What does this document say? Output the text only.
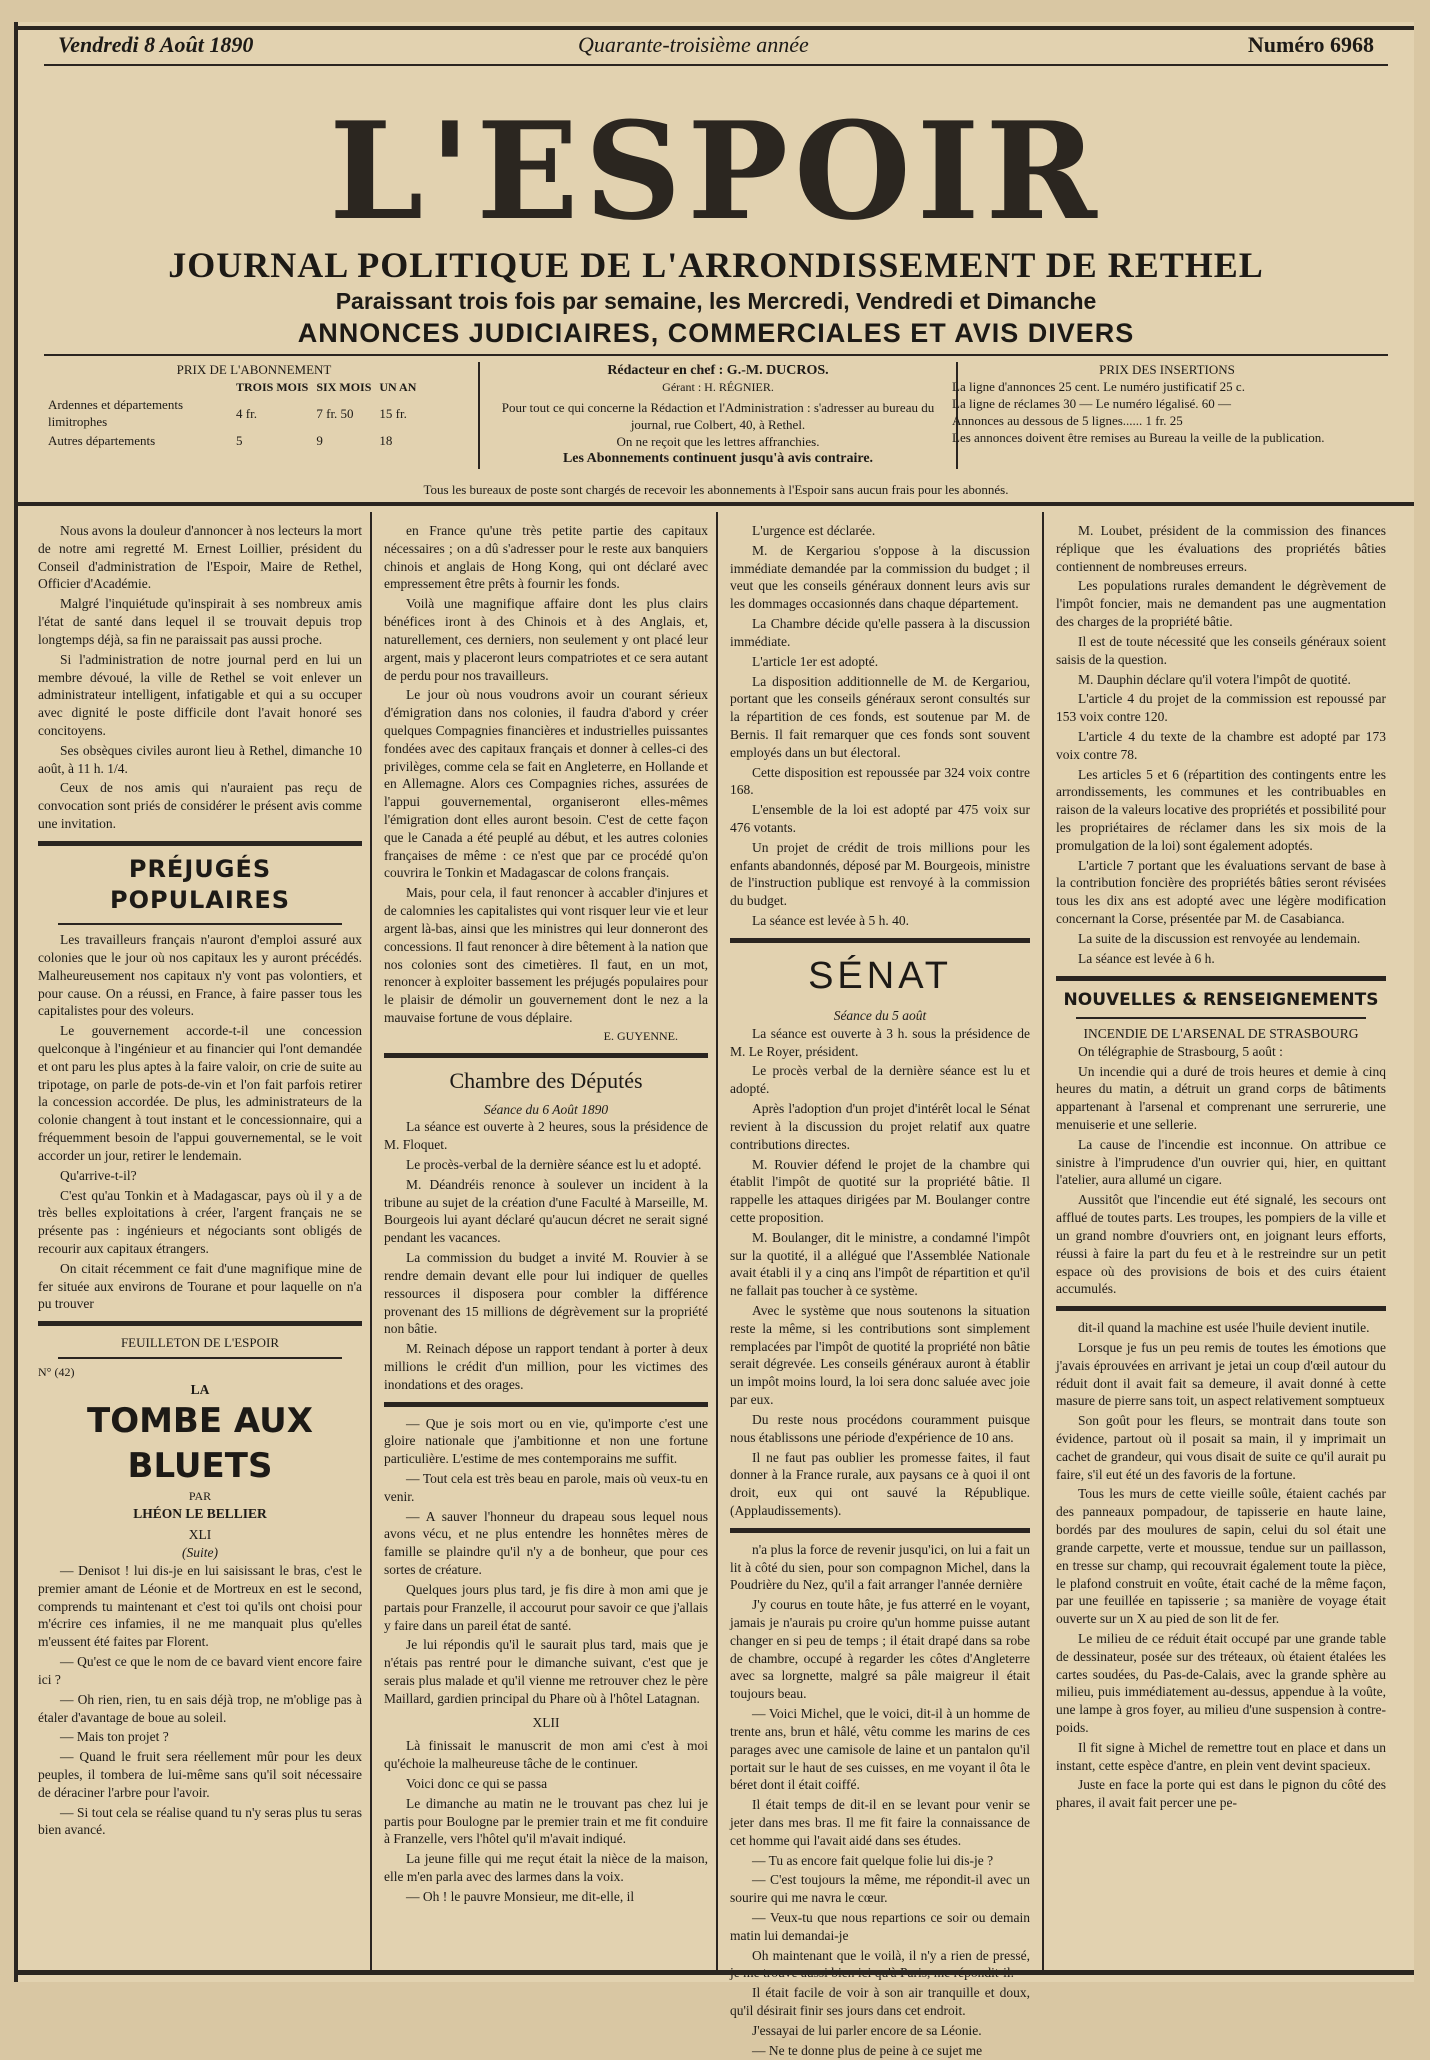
Vendredi 8 Août 1890	Quarante-troisième année	Numéro 6968
L'ESPOIR
JOURNAL POLITIQUE DE L'ARRONDISSEMENT DE RETHEL
Paraissant trois fois par semaine, les Mercredi, Vendredi et Dimanche
ANNONCES JUDICIAIRES, COMMERCIALES ET AVIS DIVERS
PRIX DE L'ABONNEMENT
	TROIS MOIS	SIX MOIS	UN AN
Ardennes et départements limitrophes	4 fr.	7 fr. 50	15 fr.
Autres départements	5	9	18
Rédacteur en chef : G.-M. DUCROS.
Gérant : H. RÉGNIER.
Pour tout ce qui concerne la Rédaction et l'Administration : s'adresser au bureau du journal, rue Colbert, 40, à Rethel.
On ne reçoit que les lettres affranchies.
Les Abonnements continuent jusqu'à avis contraire.
PRIX DES INSERTIONS
La ligne d'annonces 25 cent. Le numéro justificatif 25 c.
La ligne de réclames 30 — Le numéro légalisé. 60 —
Annonces au dessous de 5 lignes...... 1 fr. 25
Les annonces doivent être remises au Bureau la veille de la publication.
Tous les bureaux de poste sont chargés de recevoir les abonnements à l'Espoir sans aucun frais pour les abonnés.

Nous avons la douleur d'annoncer à nos lecteurs la mort de notre ami regretté M. Ernest Loillier, président du Conseil d'administration de l'Espoir, Maire de Rethel, Officier d'Académie.

Malgré l'inquiétude qu'inspirait à ses nombreux amis l'état de santé dans lequel il se trouvait depuis trop longtemps déjà, sa fin ne paraissait pas aussi proche.

Si l'administration de notre journal perd en lui un membre dévoué, la ville de Rethel se voit enlever un administrateur intelligent, infatigable et qui a su occuper avec dignité le poste difficile dont l'avait honoré ses concitoyens.

Ses obsèques civiles auront lieu à Rethel, dimanche 10 août, à 11 h. 1/4.

Ceux de nos amis qui n'auraient pas reçu de convocation sont priés de considérer le présent avis comme une invitation.

PRÉJUGÉS POPULAIRES

Les travailleurs français n'auront d'emploi assuré aux colonies que le jour où nos capitaux les y auront précédés. Malheureusement nos capitaux n'y vont pas volontiers, et pour cause. On a réussi, en France, à faire passer tous les capitalistes pour des voleurs.

Le gouvernement accorde-t-il une concession quelconque à l'ingénieur et au financier qui l'ont demandée et ont paru les plus aptes à la faire valoir, on crie de suite au tripotage, on parle de pots-de-vin et l'on fait parfois retirer la concession accordée. De plus, les administrateurs de la colonie changent à tout instant et le concessionnaire, qui a fréquemment besoin de l'appui gouvernemental, se le voit accorder un jour, retirer le lendemain.

Qu'arrive-t-il?

C'est qu'au Tonkin et à Madagascar, pays où il y a de très belles exploitations à créer, l'argent français ne se présente pas : ingénieurs et négociants sont obligés de recourir aux capitaux étrangers.

On citait récemment ce fait d'une magnifique mine de fer située aux environs de Tourane et pour laquelle on n'a pu trouver

FEUILLETON DE L'ESPOIR
N° (42)
LA
TOMBE AUX BLUETS
PAR
LHÉON LE BELLIER
XLI
(Suite)

— Denisot ! lui dis-je en lui saisissant le bras, c'est le premier amant de Léonie et de Mortreux en est le second, comprends tu maintenant et c'est toi qu'ils ont choisi pour m'écrire ces infamies, il ne me manquait plus qu'elles m'eussent été faites par Florent.

— Qu'est ce que le nom de ce bavard vient encore faire ici ?

— Oh rien, rien, tu en sais déjà trop, ne m'oblige pas à étaler d'avantage de boue au soleil.

— Mais ton projet ?

— Quand le fruit sera réellement mûr pour les deux peuples, il tombera de lui-même sans qu'il soit nécessaire de déraciner l'arbre pour l'avoir.

— Si tout cela se réalise quand tu n'y seras plus tu seras bien avancé.

en France qu'une très petite partie des capitaux nécessaires ; on a dû s'adresser pour le reste aux banquiers chinois et anglais de Hong Kong, qui ont déclaré avec empressement être prêts à fournir les fonds.

Voilà une magnifique affaire dont les plus clairs bénéfices iront à des Chinois et à des Anglais, et, naturellement, ces derniers, non seulement y ont placé leur argent, mais y placeront leurs compatriotes et ce sera autant de perdu pour nos travailleurs.

Le jour où nous voudrons avoir un courant sérieux d'émigration dans nos colonies, il faudra d'abord y créer quelques Compagnies financières et industrielles puissantes fondées avec des capitaux français et donner à celles-ci des privilèges, comme cela se fait en Angleterre, en Hollande et en Allemagne. Alors ces Compagnies riches, assurées de l'appui gouvernemental, organiseront elles-mêmes l'émigration dont elles auront besoin. C'est de cette façon que le Canada a été peuplé au début, et les autres colonies françaises de même : ce n'est que par ce procédé qu'on couvrira le Tonkin et Madagascar de colons français.

Mais, pour cela, il faut renoncer à accabler d'injures et de calomnies les capitalistes qui vont risquer leur vie et leur argent là-bas, ainsi que les ministres qui leur donneront des concessions. Il faut renoncer à dire bêtement à la nation que nos colonies sont des cimetières. Il faut, en un mot, renoncer à exploiter bassement les préjugés populaires pour le plaisir de démolir un gouvernement dont le nez a la mauvaise fortune de vous déplaire.

E. GUYENNE.
Chambre des Députés
Séance du 6 Août 1890

La séance est ouverte à 2 heures, sous la présidence de M. Floquet.

Le procès-verbal de la dernière séance est lu et adopté.

M. Déandréis renonce à soulever un incident à la tribune au sujet de la création d'une Faculté à Marseille, M. Bourgeois lui ayant déclaré qu'aucun décret ne serait signé pendant les vacances.

La commission du budget a invité M. Rouvier à se rendre demain devant elle pour lui indiquer de quelles ressources il disposera pour combler la différence provenant des 15 millions de dégrèvement sur la propriété non bâtie.

M. Reinach dépose un rapport tendant à porter à deux millions le crédit d'un million, pour les victimes des inondations et des orages.

— Que je sois mort ou en vie, qu'importe c'est une gloire nationale que j'ambitionne et non une fortune particulière. L'estime de mes contemporains me suffit.

— Tout cela est très beau en parole, mais où veux-tu en venir.

— A sauver l'honneur du drapeau sous lequel nous avons vécu, et ne plus entendre les honnêtes mères de famille se plaindre qu'il n'y a de bonheur, que pour ces sortes de créature.

Quelques jours plus tard, je fis dire à mon ami que je partais pour Franzelle, il accourut pour savoir ce que j'allais y faire dans un pareil état de santé.

Je lui répondis qu'il le saurait plus tard, mais que je n'étais pas rentré pour le dimanche suivant, c'est que je serais plus malade et qu'il vienne me retrouver chez le père Maillard, gardien principal du Phare où à l'hôtel Latagnan.

XLII

Là finissait le manuscrit de mon ami c'est à moi qu'échoie la malheureuse tâche de le continuer.

Voici donc ce qui se passa

Le dimanche au matin ne le trouvant pas chez lui je partis pour Boulogne par le premier train et me fit conduire à Franzelle, vers l'hôtel qu'il m'avait indiqué.

La jeune fille qui me reçut était la nièce de la maison, elle m'en parla avec des larmes dans la voix.

— Oh ! le pauvre Monsieur, me dit-elle, il

L'urgence est déclarée.

M. de Kergariou s'oppose à la discussion immédiate demandée par la commission du budget ; il veut que les conseils généraux donnent leurs avis sur les dommages occasionnés dans chaque département.

La Chambre décide qu'elle passera à la discussion immédiate.

L'article 1er est adopté.

La disposition additionnelle de M. de Kergariou, portant que les conseils généraux seront consultés sur la répartition de ces fonds, est soutenue par M. de Bernis. Il fait remarquer que ces fonds sont souvent employés dans un but électoral.

Cette disposition est repoussée par 324 voix contre 168.

L'ensemble de la loi est adopté par 475 voix sur 476 votants.

Un projet de crédit de trois millions pour les enfants abandonnés, déposé par M. Bourgeois, ministre de l'instruction publique est renvoyé à la commission du budget.

La séance est levée à 5 h. 40.

SÉNAT
Séance du 5 août

La séance est ouverte à 3 h. sous la présidence de M. Le Royer, président.

Le procès verbal de la dernière séance est lu et adopté.

Après l'adoption d'un projet d'intérêt local le Sénat revient à la discussion du projet relatif aux quatre contributions directes.

M. Rouvier défend le projet de la chambre qui établit l'impôt de quotité sur la propriété bâtie. Il rappelle les attaques dirigées par M. Boulanger contre cette proposition.

M. Boulanger, dit le ministre, a condamné l'impôt sur la quotité, il a allégué que l'Assemblée Nationale avait établi il y a cinq ans l'impôt de répartition et qu'il ne fallait pas toucher à ce système.

Avec le système que nous soutenons la situation reste la même, si les contributions sont simplement remplacées par l'impôt de quotité la propriété non bâtie serait dégrevée. Les conseils généraux auront à établir un impôt moins lourd, la loi sera donc saluée avec joie par eux.

Du reste nous procédons couramment puisque nous établissons une période d'expérience de 10 ans.

Il ne faut pas oublier les promesse faites, il faut donner à la France rurale, aux paysans ce à quoi il ont droit, eux qui ont sauvé la République. (Applaudissements).

n'a plus la force de revenir jusqu'ici, on lui a fait un lit à côté du sien, pour son compagnon Michel, dans la Poudrière du Nez, qu'il a fait arranger l'année dernière

J'y courus en toute hâte, je fus atterré en le voyant, jamais je n'aurais pu croire qu'un homme puisse autant changer en si peu de temps ; il était drapé dans sa robe de chambre, occupé à regarder les côtes d'Angleterre avec sa lorgnette, malgré sa pâle maigreur il était toujours beau.

— Voici Michel, que le voici, dit-il à un homme de trente ans, brun et hâlé, vêtu comme les marins de ces parages avec une camisole de laine et un pantalon qu'il portait sur le haut de ses cuisses, en me voyant il ôta le béret dont il était coiffé.

Il était temps de dit-il en se levant pour venir se jeter dans mes bras. Il me fit faire la connaissance de cet homme qui l'avait aidé dans ses études.

— Tu as encore fait quelque folie lui dis-je ?

— C'est toujours la même, me répondit-il avec un sourire qui me navra le cœur.

— Veux-tu que nous repartions ce soir ou demain matin lui demandai-je

Oh maintenant que le voilà, il n'y a rien de pressé,

Il était facile de voir à son air tranquille et doux, qu'il désirait finir ses jours dans cet endroit.

J'essayai de lui parler encore de sa Léonie.

— Ne te donne plus de peine à ce sujet me

M. Loubet, président de la commission des finances réplique que les évaluations des propriétés bâties contiennent de nombreuses erreurs.

Les populations rurales demandent le dégrèvement de l'impôt foncier, mais ne demandent pas une augmentation des charges de la propriété bâtie.

Il est de toute nécessité que les conseils généraux soient saisis de la question.

M. Dauphin déclare qu'il votera l'impôt de quotité.

L'article 4 du projet de la commission est repoussé par 153 voix contre 120.

L'article 4 du texte de la chambre est adopté par 173 voix contre 78.

Les articles 5 et 6 (répartition des contingents entre les arrondissements, les communes et les contribuables en raison de la valeurs locative des propriétés et possibilité pour les propriétaires de réclamer dans les six mois de la promulgation de la loi) sont également adoptés.

L'article 7 portant que les évaluations servant de base à la contribution foncière des propriétés bâties seront révisées tous les dix ans est adopté avec une légère modification concernant la Corse, présentée par M. de Casabianca.

La suite de la discussion est renvoyée au lendemain.

La séance est levée à 6 h.

NOUVELLES & RENSEIGNEMENTS
INCENDIE DE L'ARSENAL DE STRASBOURG

On télégraphie de Strasbourg, 5 août :

Un incendie qui a duré de trois heures et demie à cinq heures du matin, a détruit un grand corps de bâtiments appartenant à l'arsenal et comprenant une serrurerie, une menuiserie et une sellerie.

La cause de l'incendie est inconnue. On attribue ce sinistre à l'imprudence d'un ouvrier qui, hier, en quittant l'atelier, aura allumé un cigare.

Aussitôt que l'incendie eut été signalé, les secours ont afflué de toutes parts. Les troupes, les pompiers de la ville et un grand nombre d'ouvriers ont, en joignant leurs efforts, réussi à faire la part du feu et à le restreindre sur un petit espace où des provisions de bois et des cuirs étaient accumulés.

dit-il quand la machine est usée l'huile devient inutile.

Lorsque je fus un peu remis de toutes les émotions que j'avais éprouvées en arrivant je jetai un coup d'œil autour du réduit dont il avait fait sa demeure, il avait donné à cette masure de pierre sans toit, un aspect relativement somptueux

Son goût pour les fleurs, se montrait dans toute son évidence, partout où il posait sa main, il y imprimait un cachet de grandeur, qui vous disait de suite ce qu'il aurait pu faire, s'il eut été un des favoris de la fortune.

Tous les murs de cette vieille soûle, étaient cachés par des panneaux pompadour, de tapisserie en haute laine, bordés par des moulures de sapin, celui du sol était une grande carpette, verte et moussue, tendue sur un paillasson, en tresse sur champ, qui recouvrait également toute la pièce, le plafond construit en voûte, était caché de la même façon, par une feuillée en tapisserie ; sa manière de voyage était ouverte sur un X au pied de son lit de fer.

Le milieu de ce réduit était occupé par une grande table de dessinateur, posée sur des tréteaux, où étaient étalées les cartes soudées, du Pas-de-Calais, avec la grande sphère au milieu, puis immédiatement au-dessus, appendue à la voûte, une lampe à gros foyer, au milieu d'une suspension à contre-poids.

Il fit signe à Michel de remettre tout en place et dans un instant, cette espèce d'antre, en plein vent devint spacieux.

Juste en face la porte qui est dans le pignon du côté des phares, il avait fait percer une pe-
